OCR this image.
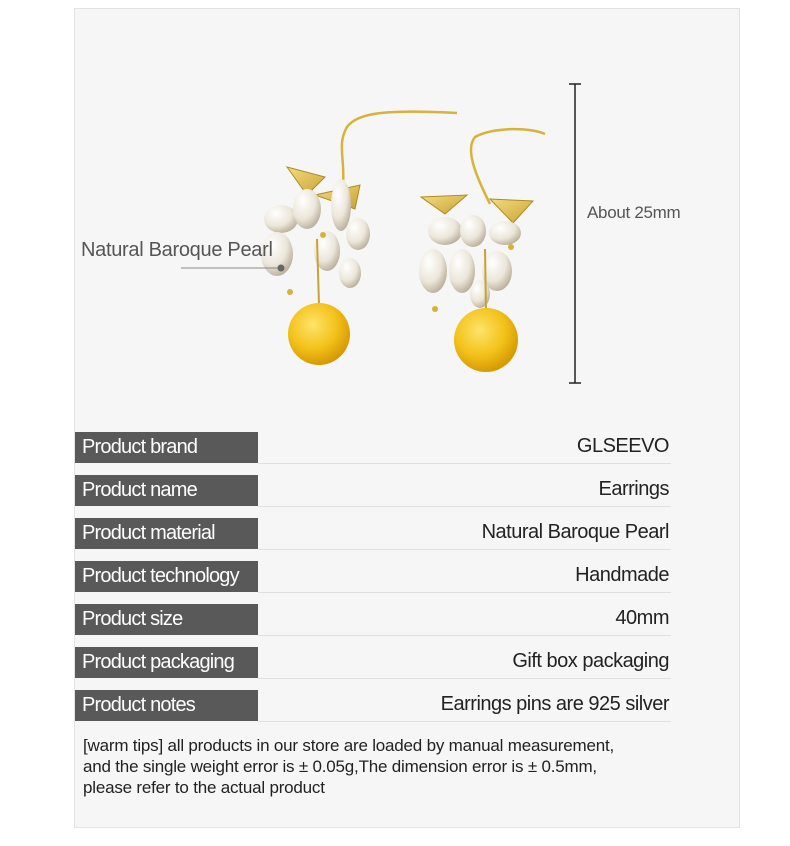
Natural Baroque Pearl
About 25mm
Product brand	GLSEEVO
Product name	Earrings
Product material	Natural Baroque Pearl
Product technology	Handmade
Product size	40mm
Product packaging	Gift box packaging
Product notes	Earrings pins are 925 silver
[warm tips] all products in our store are loaded by manual measurement,
and the single weight error is ± 0.05g,The dimension error is ± 0.5mm,
please refer to the actual product
